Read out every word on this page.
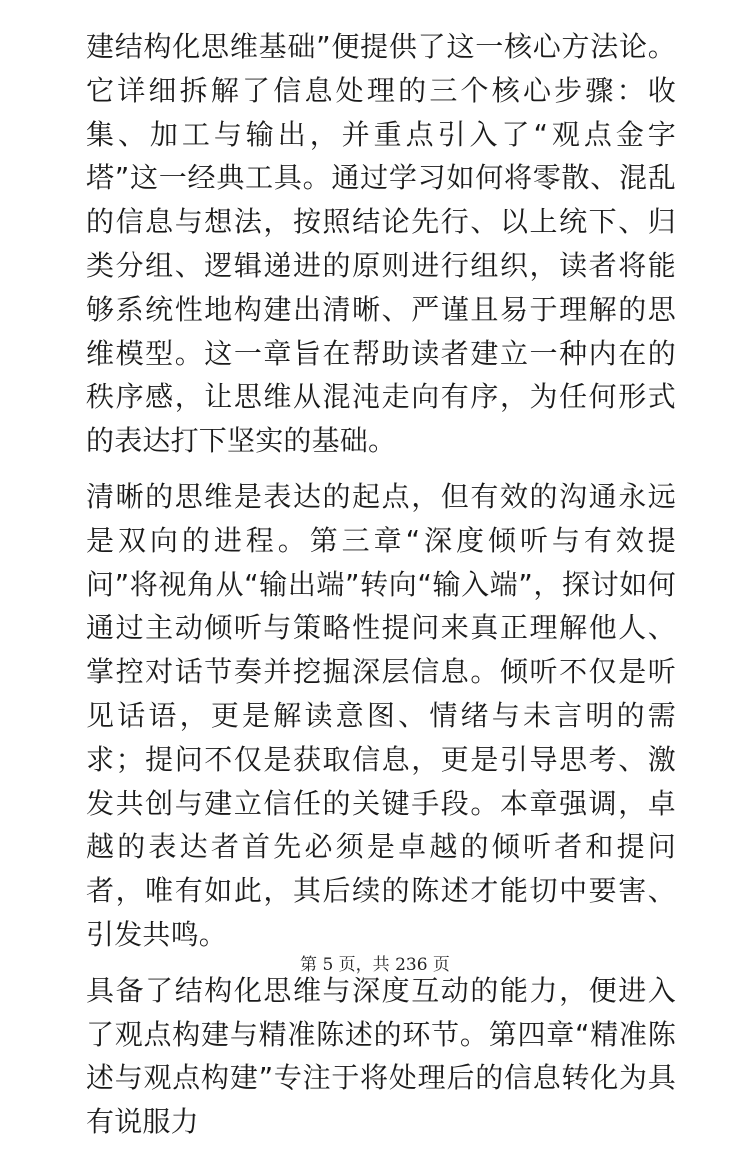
建结构化思维基础”便提供了这一核心方法论。它详细拆解了信息处理的三个核心步骤：收集、加工与输出，并重点引入了“观点金字塔”这一经典工具。通过学习如何将零散、混乱的信息与想法，按照结论先行、以上统下、归类分组、逻辑递进的原则进行组织，读者将能够系统性地构建出清晰、严谨且易于理解的思维模型。这一章旨在帮助读者建立一种内在的秩序感，让思维从混沌走向有序，为任何形式的表达打下坚实的基础。

清晰的思维是表达的起点，但有效的沟通永远是双向的进程。第三章“深度倾听与有效提问”将视角从“输出端”转向“输入端”，探讨如何通过主动倾听与策略性提问来真正理解他人、掌控对话节奏并挖掘深层信息。倾听不仅是听见话语，更是解读意图、情绪与未言明的需求；提问不仅是获取信息，更是引导思考、激发共创与建立信任的关键手段。本章强调，卓越的表达者首先必须是卓越的倾听者和提问者，唯有如此，其后续的陈述才能切中要害、引发共鸣。

具备了结构化思维与深度互动的能力，便进入了观点构建与精准陈述的环节。第四章“精准陈述与观点构建”专注于将处理后的信息转化为具有说服力

第 5 页，共 236 页
